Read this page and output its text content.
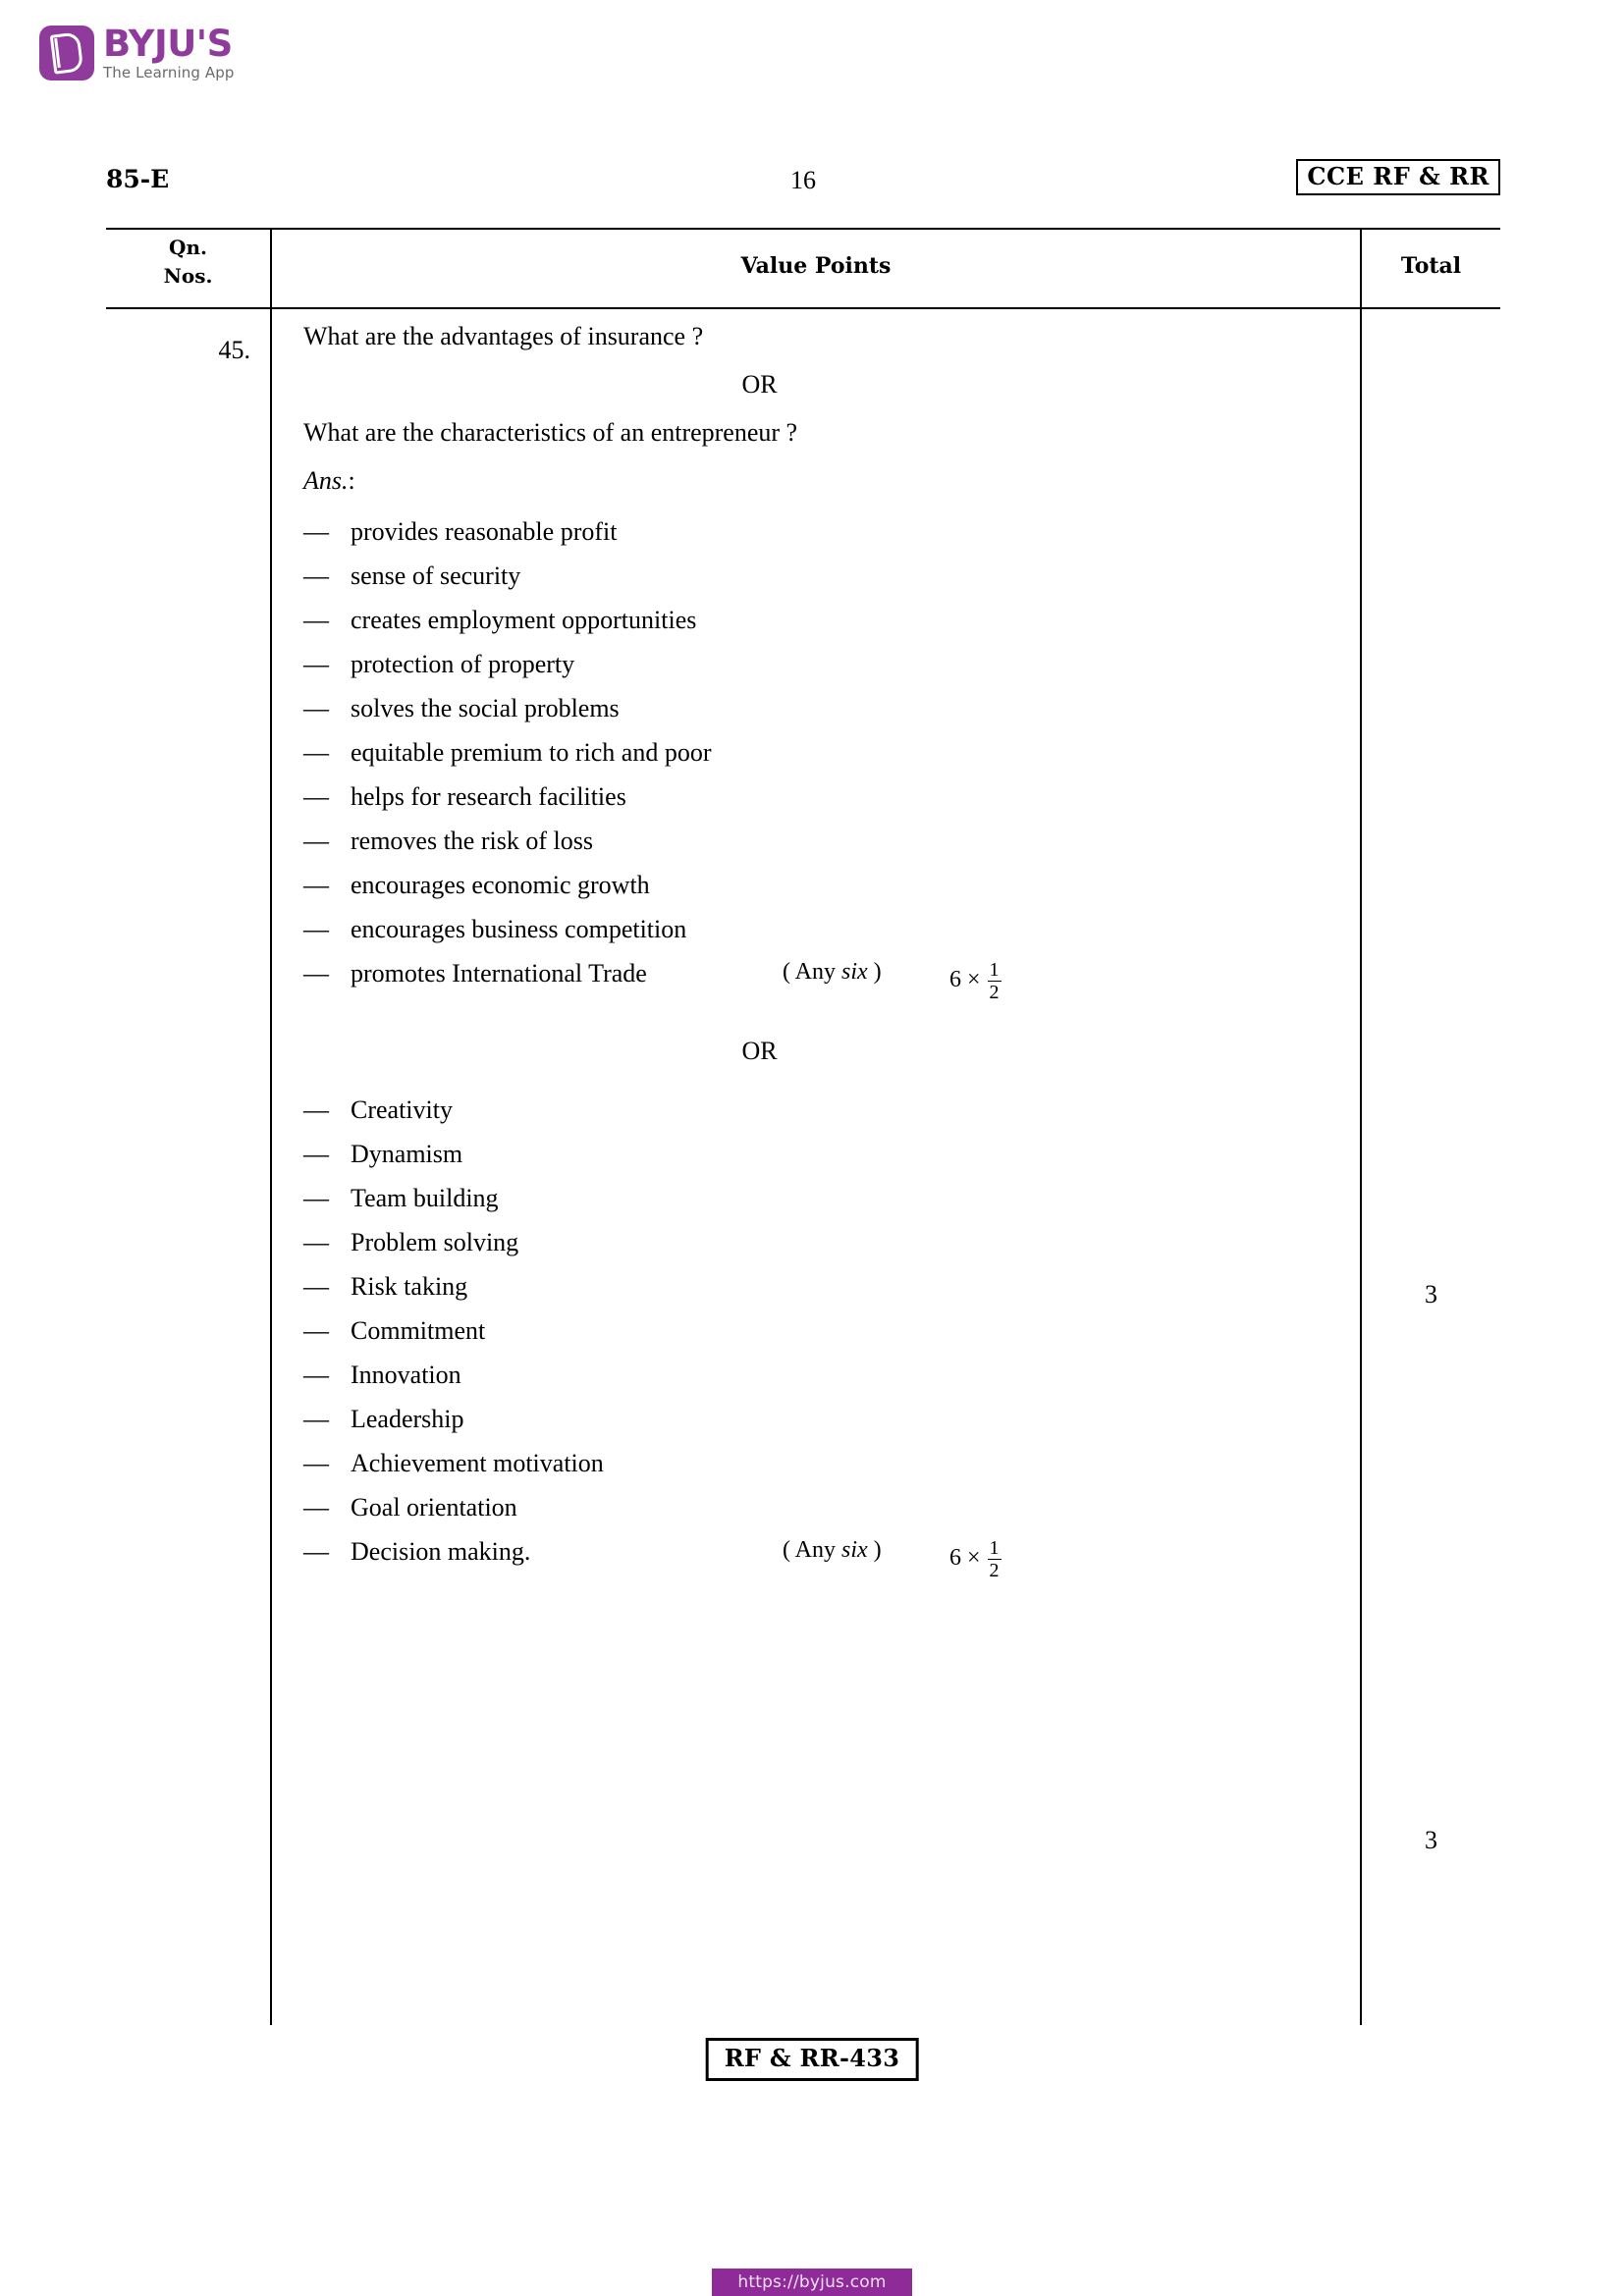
BYJU'S
The Learning App
85-E	16	CCE RF & RR
Qn.
Nos.	Value Points	Total
45.	What are the advantages of insurance ?
OR
What are the characteristics of an entrepreneur ?
Ans.:
— provides reasonable profit
— sense of security
— creates employment opportunities
— protection of property
— solves the social problems
— equitable premium to rich and poor
— helps for research facilities
— removes the risk of loss
— encourages economic growth
— encourages business competition
— promotes International Trade	( Any six )	$6 \times \frac{1}{2}$
OR
— Creativity
— Dynamism
— Team building
— Problem solving
— Risk taking
— Commitment
— Innovation
— Leadership
— Achievement motivation
— Goal orientation
— Decision making.	( Any six )	$6 \times \frac{1}{2}$
3
3
RF & RR-433
https://byjus.com
